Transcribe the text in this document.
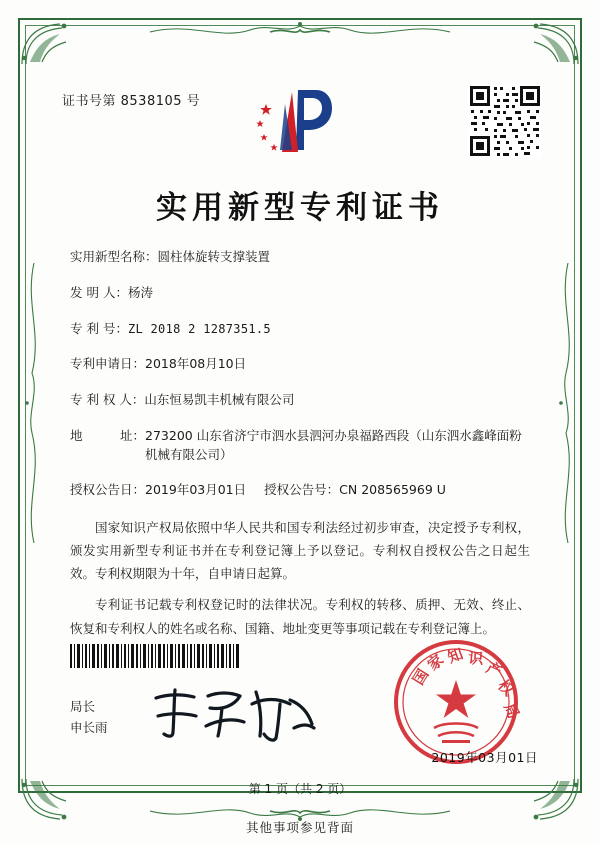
证书号第 8538105 号
实用新型专利证书
实用新型名称： 圆柱体旋转支撑装置
发 明 人： 杨涛
专 利 号： ZL 2018 2 1287351.5
专利申请日： 2018年08月10日
专 利 权 人： 山东恒易凯丰机械有限公司
地　　　址： 273200 山东省济宁市泗水县泗河办泉福路西段（山东泗水鑫峰面粉机械有限公司）
授权公告日： 2019年03月01日 授权公告号： CN 208565969 U

国家知识产权局依照中华人民共和国专利法经过初步审查，决定授予专利权，颁发实用新型专利证书并在专利登记簿上予以登记。专利权自授权公告之日起生效。专利权期限为十年，自申请日起算。

专利证书记载专利权登记时的法律状况。专利权的转移、质押、无效、终止、恢复和专利权人的姓名或名称、国籍、地址变更等事项记载在专利登记簿上。

局长
申长雨
国
家
知 识 产
权
局
2019年03月01日
第 1 页（共 2 页）
其他事项参见背面
